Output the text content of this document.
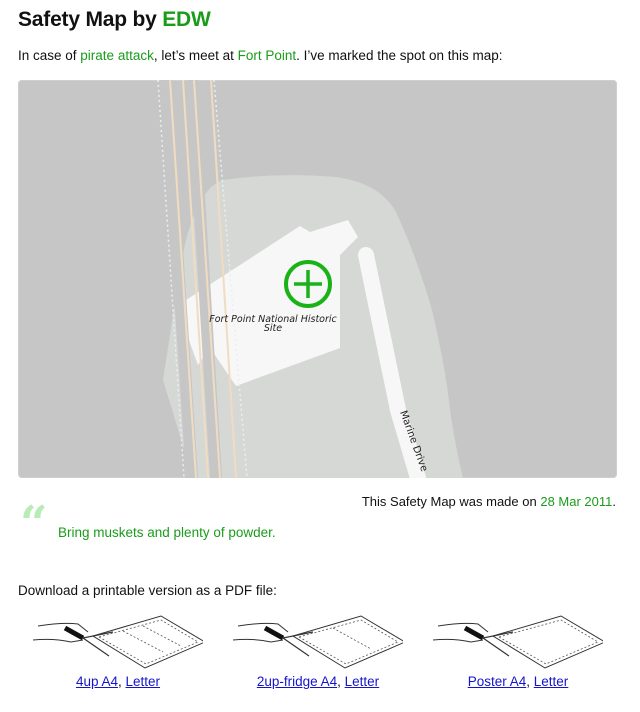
Safety Map by EDW
In case of pirate attack, let’s meet at Fort Point. I’ve marked the spot on this map:
Fort Point National Historic
Site
Marine Drive
This Safety Map was made on 28 Mar 2011.
“ Bring muskets and plenty of powder.
Download a printable version as a PDF file:
4up A4, Letter	2up-fridge A4, Letter	Poster A4, Letter
